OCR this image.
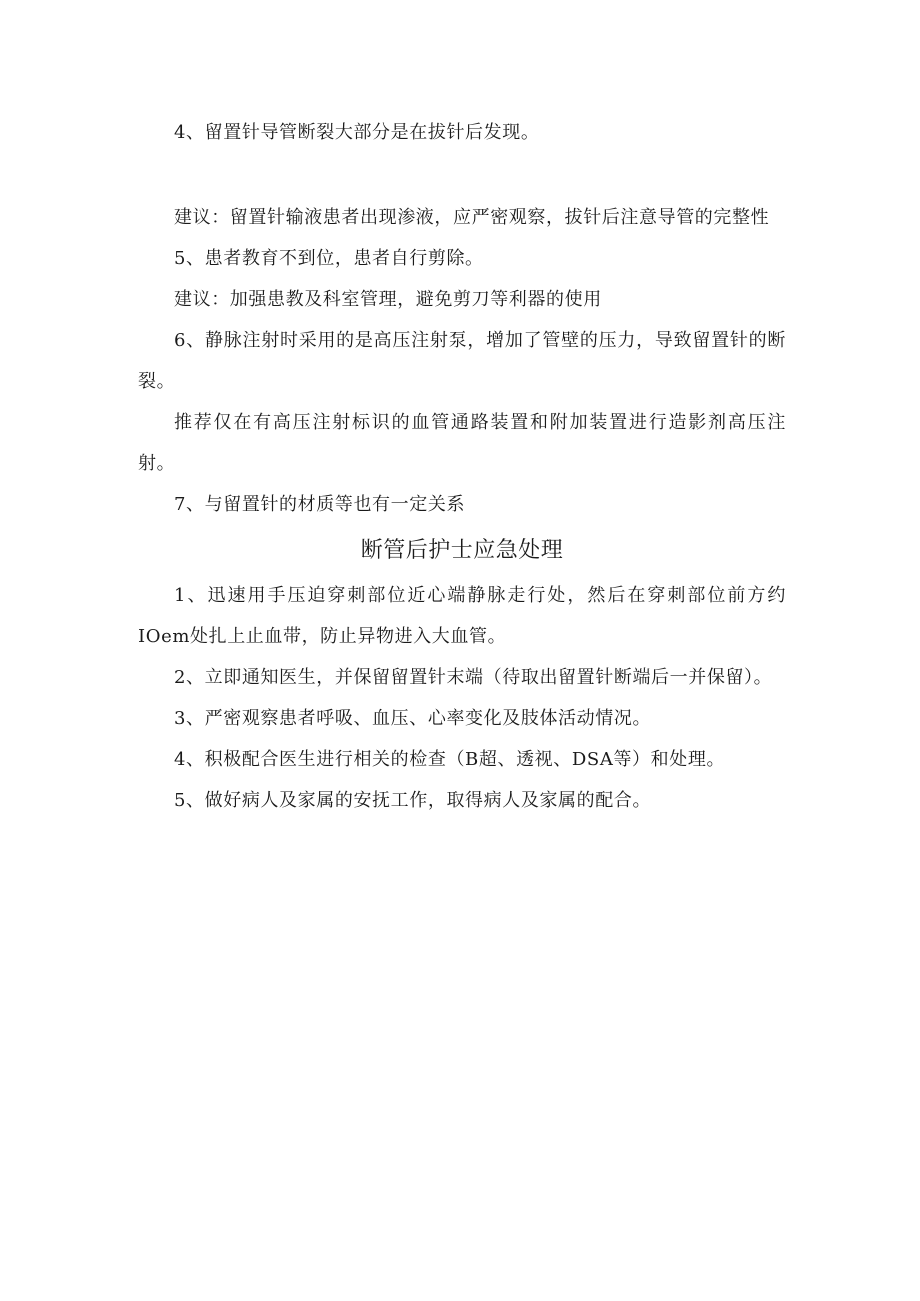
4、留置针导管断裂大部分是在拔针后发现。

建议：留置针输液患者出现渗液，应严密观察，拔针后注意导管的完整性

5、患者教育不到位，患者自行剪除。

建议：加强患教及科室管理，避免剪刀等利器的使用

6、静脉注射时采用的是高压注射泵，增加了管壁的压力，导致留置针的断裂。

推荐仅在有高压注射标识的血管通路装置和附加装置进行造影剂高压注射。

7、与留置针的材质等也有一定关系

断管后护士应急处理

1、迅速用手压迫穿刺部位近心端静脉走行处，然后在穿刺部位前方约IOem处扎上止血带，防止异物进入大血管。

2、立即通知医生，并保留留置针末端（待取出留置针断端后一并保留）。

3、严密观察患者呼吸、血压、心率变化及肢体活动情况。

4、积极配合医生进行相关的检查（B超、透视、DSA等）和处理。

5、做好病人及家属的安抚工作，取得病人及家属的配合。
